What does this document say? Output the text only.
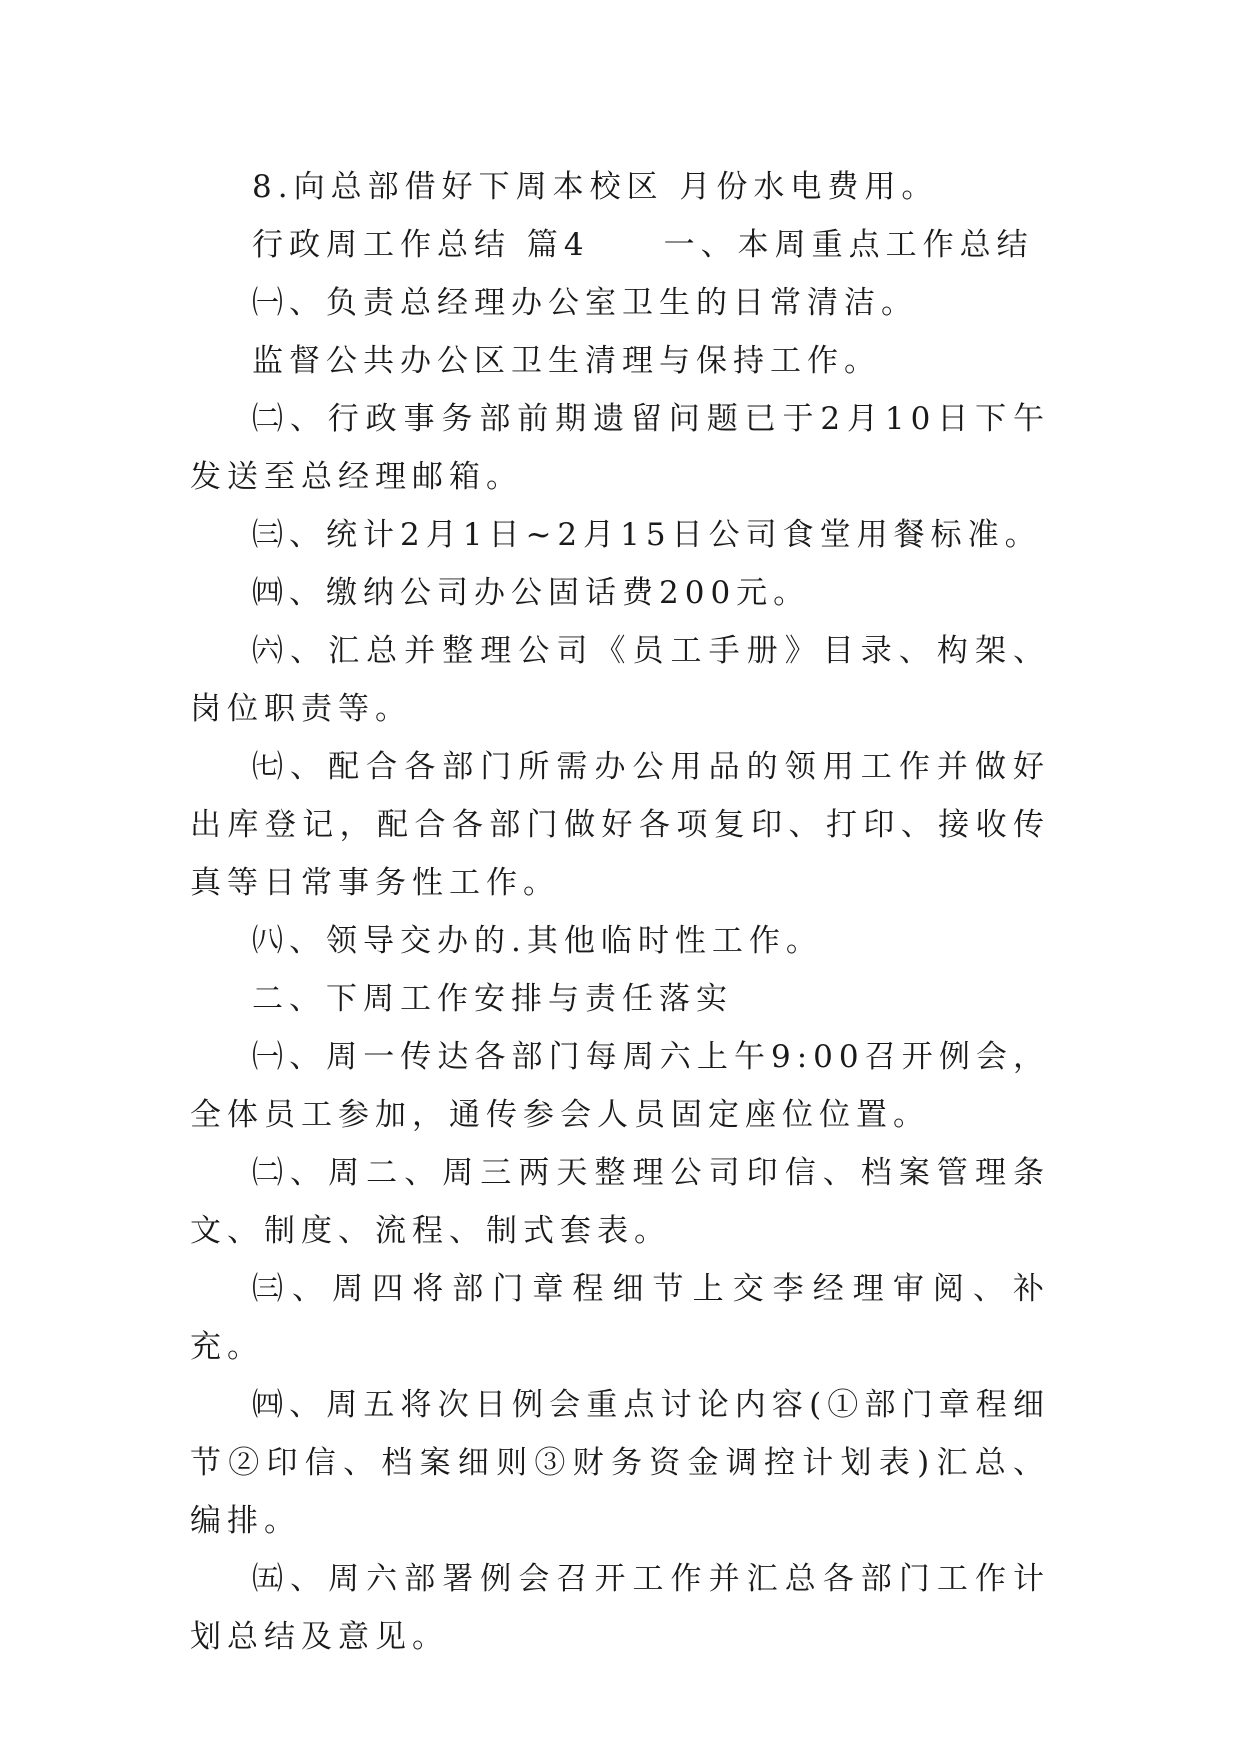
8.向总部借好下周本校区 月份水电费用。

行政周工作总结 篇4　　一、本周重点工作总结

㈠、负责总经理办公室卫生的日常清洁。

监督公共办公区卫生清理与保持工作。

㈡、行政事务部前期遗留问题已于2月10日下午发送至总经理邮箱。

㈢、统计2月1日~2月15日公司食堂用餐标准。

㈣、缴纳公司办公固话费200元。

㈥、汇总并整理公司《员工手册》目录、构架、岗位职责等。

㈦、配合各部门所需办公用品的领用工作并做好出库登记，配合各部门做好各项复印、打印、接收传真等日常事务性工作。

㈧、领导交办的.其他临时性工作。

二、下周工作安排与责任落实

㈠、周一传达各部门每周六上午9:00召开例会，全体员工参加，通传参会人员固定座位位置。

㈡、周二、周三两天整理公司印信、档案管理条文、制度、流程、制式套表。

㈢、周四将部门章程细节上交李经理审阅、补充。

㈣、周五将次日例会重点讨论内容(①部门章程细节②印信、档案细则③财务资金调控计划表)汇总、编排。

㈤、周六部署例会召开工作并汇总各部门工作计划总结及意见。
